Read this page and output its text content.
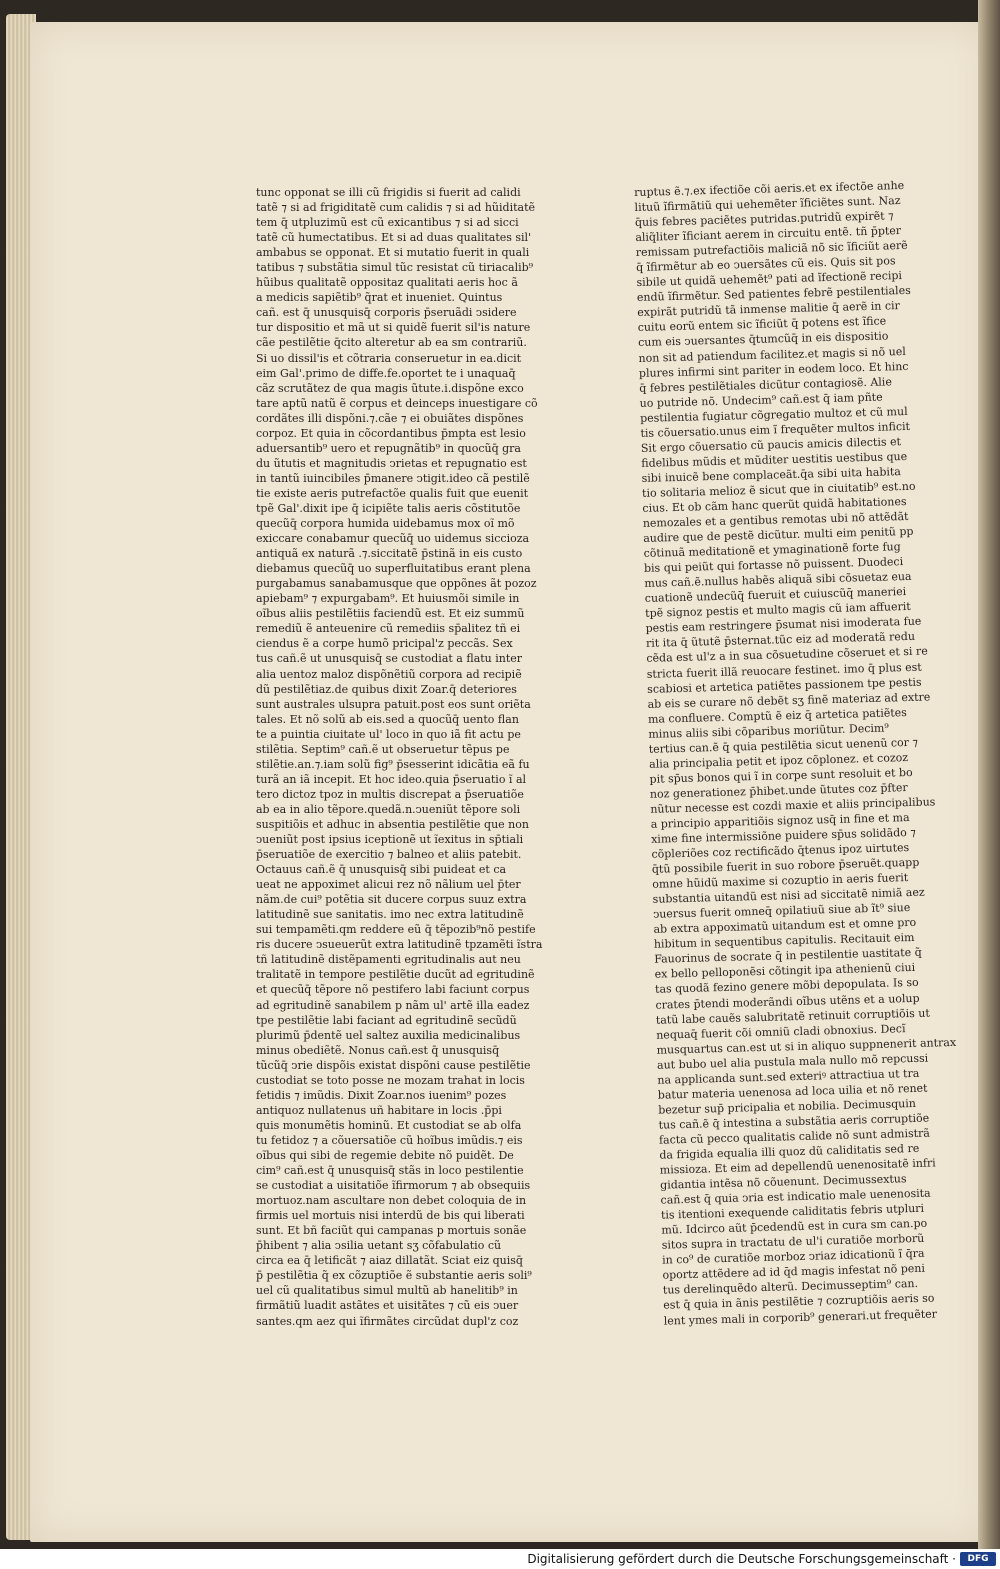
tunc opponat se illi cũ frigidis si fuerit ad calidi
tatẽ ⁊ si ad frigiditatẽ cum calidis ⁊ si ad hũiditatẽ
tem q̄ utpluzimũ est cũ exicantibus ⁊ si ad sicci
tatẽ cũ humectatibus. Et si ad duas qualitates sil'
ambabus se opponat. Et si mutatio fuerit in quali
tatibus ⁊ substãtia simul tũc resistat cũ tiriacalib⁹
hũibus qualitatẽ oppositaz qualitati aeris hoc ã
a medicis sapiẽtib⁹ q̃rat et inueniet. Quintus
cañ. est q̄ unusquisq̄ corporis p̄seruãdi ↄsidere
tur dispositio et mã ut si quidẽ fuerit sil'is nature
cãe pestilẽtie q̄cito alteretur ab ea sm contrariũ.
Si uo dissil'is et cõtraria conseruetur in ea.dicit
eim Gal'.primo de diffe.fe.oportet te i unaquaq̄
cãz scrutãtez de qua magis ũtute.i.dispõne exco
tare aptũ natũ ẽ corpus et deinceps inuestigare cõ
cordãtes illi dispõni.⁊.cãe ⁊ ei obuiãtes dispõnes
corpoz. Et quia in cõcordantibus p̄mpta est lesio
aduersantib⁹ uero et repugnãtib⁹ in quocũq̄ gra
du ũtutis et magnitudis ↄrietas et repugnatio est
in tantũ iuincibiles p̄manere ↄtigit.ideo cã pestilẽ
tie existe aeris putrefactõe qualis fuit que euenit
tpẽ Gal'.dixit ipe q̄ icipiẽte talis aeris cõstitutõe
quecũq̄ corpora humida uidebamus mox oĩ mõ
exiccare conabamur quecũq̄ uo uidemus siccioza
antiquã ex naturã .⁊.siccitatẽ p̄stinã in eis custo
diebamus quecũq̄ uo superfluitatibus erant plena
purgabamus sanabamusque que oppõnes ãt pozoz
apiebam⁹ ⁊ expurgabam⁹. Et huiusmõi simile in
oĩbus aliis pestilẽtiis faciendũ est. Et eiz summũ
remediũ ẽ anteuenire cũ remediis sp̄alitez tñ ei
ciendus ẽ a corpe humõ pricipal'z peccãs. Sex
tus cañ.ẽ ut unusquisq̄ se custodiat a flatu inter
alia uentoz maloz dispõnẽtiũ corpora ad recipiẽ
dũ pestilẽtiaz.de quibus dixit Zoar.q̄ deteriores
sunt australes ulsupra patuit.post eos sunt oriẽta
tales. Et nõ solũ ab eis.sed a quocũq̄ uento flan
te a puintia ciuitate ul' loco in quo iã fit actu pe
stilẽtia. Septim⁹ cañ.ẽ ut obseruetur tẽpus pe
stilẽtie.an.⁊.iam solũ fig⁹ p̄sesserint idicãtia eã fu
turã an iã incepit. Et hoc ideo.quia p̄seruatio ĩ al
tero dictoz tpoz in multis discrepat a p̄seruatiõe
ab ea in alio tẽpore.quedã.n.ↄueniũt tẽpore soli
suspitiõis et adhuc in absentia pestilẽtie que non
ↄueniũt post ipsius iceptionẽ ut ĩexitus in sp̄tiali
p̄seruatiõe de exercitio ⁊ balneo et aliis patebit.
Octauus cañ.ẽ q̄ unusquisq̄ sibi puideat et ca
ueat ne appoximet alicui rez nõ nãlium uel p̄ter
nãm.de cui⁹ potẽtia sit ducere corpus suuz extra
latitudinẽ sue sanitatis. imo nec extra latitudinẽ
sui tempamẽti.qm reddere eũ q̄ tẽpozib⁹nõ pestife
ris ducere ↄsueuerũt extra latitudinẽ tpzamẽti ĩstra
tñ latitudinẽ distẽpamenti egritudinalis aut neu
tralitatẽ in tempore pestilẽtie ducũt ad egritudinẽ
et quecũq̄ tẽpore nõ pestifero labi faciunt corpus
ad egritudinẽ sanabilem p nãm ul' artẽ illa eadez
tpe pestilẽtie labi faciant ad egritudinẽ secũdũ
plurimũ p̄dentẽ uel saltez auxilia medicinalibus
minus obediẽtẽ. Nonus cañ.est q̄ unusquisq̄
tũcũq̄ ↄrie dispõis existat dispõni cause pestilẽtie
custodiat se toto posse ne mozam trahat in locis
fetidis ⁊ imũdis. Dixit Zoar.nos iuenim⁹ pozes
antiquoz nullatenus uñ habitare in locis .p̄pi
quis monumẽtis hominũ. Et custodiat se ab olfa
tu fetidoz ⁊ a cõuersatiõe cũ hoĩbus imũdis.⁊ eis
oĩbus qui sibi de regemie debite nõ puidẽt. De
cim⁹ cañ.est q̄ unusquisq̄ stãs in loco pestilentie
se custodiat a uisitatiõe ĩfirmorum ⁊ ab obsequiis
mortuoz.nam ascultare non debet coloquia de in
firmis uel mortuis nisi interdũ de bis qui liberati
sunt. Et bñ faciũt qui campanas p mortuis sonãe
p̄hibent ⁊ alia ↄsilia uetant sʒ cõfabulatio cũ
circa ea q̄ letificãt ⁊ aiaz dillatãt. Sciat eiz quisq̄
p̄ pestilẽtia q̃ ex cõzuptiõe ẽ substantie aeris soli⁹
uel cũ qualitatibus simul multũ ab hanelitib⁹ in
firmãtiũ luadit astãtes et uisitãtes ⁊ cũ eis ↄuer
santes.qm aez qui ĩfirmãtes circũdat dupl'z coz
ruptus ẽ.⁊.ex ifectiõe cõi aeris.et ex ifectõe anhe
lituũ ĩfirmãtiũ qui uehemẽter ĩficiẽtes sunt. Naz
q̄uis febres paciẽtes putridas.putridũ expirẽt ⁊
aliq̃liter ĩficiant aerem in circuitu entẽ. tñ p̄pter
remissam putrefactiõis maliciã nõ sic ĩficiũt aerẽ
q̄ ĩfirmẽtur ab eo ↄuersãtes cũ eis. Quis sit pos
sibile ut quidã uehemẽt⁹ pati ad ĩfectionẽ recipi
endũ ĩfirmẽtur. Sed patientes febrẽ pestilentiales
expirãt putridũ tã inmense malitie q̄ aerẽ in cir
cuitu eorũ entem sic ĩficiũt q̄ potens est ĩfice
cum eis ↄuersantes q̄tumcũq̄ in eis dispositio
non sit ad patiendum facilitez.et magis si nõ uel
plures infirmi sint pariter in eodem loco. Et hinc
q̄ febres pestilẽtiales dicũtur contagiosẽ. Alie
uo putride nõ. Undecim⁹ cañ.est q̄ iam pñte
pestilentia fugiatur cõgregatio multoz et cũ mul
tis cõuersatio.unus eim ĩ frequẽter multos inficit
Sit ergo cõuersatio cũ paucis amicis dilectis et
fidelibus mũdis et mũditer uestitis uestibus que
sibi inuicẽ bene complaceãt.q̄a sibi uita habita
tio solitaria melioz ẽ sicut que in ciuitatib⁹ est.no
cius. Et ob cãm hanc querũt quidã habitationes
nemozales et a gentibus remotas ubi nõ attẽdãt
audire que de pestẽ dicũtur. multi eim penitũ pp
cõtinuã meditationẽ et ymaginationẽ forte fug
bis qui peiũt qui fortasse nõ puissent. Duodeci
mus cañ.ẽ.nullus habẽs aliquã sibi cõsuetaz eua
cuationẽ undecũq̄ fueruit et cuiuscũq̄ maneriei
tpẽ signoz pestis et multo magis cũ iam affuerit
pestis eam restringere p̄sumat nisi imoderata fue
rit ita q̄ ũtutẽ p̄sternat.tũc eiz ad moderatã redu
cẽda est ul'z a in sua cõsuetudine cõseruet et si re
stricta fuerit illã reuocare festinet. imo q̄ plus est
scabiosi et artetica patiẽtes passionem tpe pestis
ab eis se curare nõ debẽt sʒ finẽ materiaz ad extre
ma confluere. Comptũ ẽ eiz q̄ artetica patiẽtes
minus aliis sibi cõparibus moriũtur. Decim⁹
tertius can.ẽ q̄ quia pestilẽtia sicut uenenũ cor ⁊
alia principalia petit et ipoz cõplonez. et cozoz
pit sp̄us bonos qui ĩ in corpe sunt resoluit et bo
noz generationez p̄hibet.unde ũtutes coz p̄fter
nũtur necesse est cozdi maxie et aliis principalibus
a principio apparitiõis signoz usq̄ in fine et ma
xime fine intermissiõne puidere sp̄us solidãdo ⁊
cõpleriões coz rectificãdo q̄tenus ipoz uirtutes
q̄tũ possibile fuerit in suo robore p̄seruẽt.quapp
omne hũidũ maxime si cozuptio in aeris fuerit
substantia uitandũ est nisi ad siccitatẽ nimiã aez
ↄuersus fuerit omneq̄ opilatiuũ siue ab ĩt⁹ siue
ab extra appoximatũ uitandum est et omne pro
hibitum in sequentibus capitulis. Recitauit eim
Fauorinus de socrate q̄ in pestilentie uastitate q̃
ex bello pelloponẽsi cõtingit ipa athenienũ ciui
tas quodã fezino genere mõbi depopulata. Is so
crates p̄tendi moderãndi oĩbus utẽns et a uolup
tatũ labe cauẽs salubritatẽ retinuit corruptiõis ut
nequaq̄ fuerit cõi omniũ cladi obnoxius. Decĩ
musquartus can.est ut si in aliquo suppnenerit antrax
aut bubo uel alia pustula mala nullo mõ repcussi
na applicanda sunt.sed exteriꝰ attractiua ut tra
batur materia uenenosa ad loca uilia et nõ renet
bezetur sup̄ pricipalia et nobilia. Decimusquin
tus cañ.ẽ q̄ intestina a substãtia aeris corruptiõe
facta cũ pecco qualitatis calide nõ sunt admistrã
da frigida equalia illi quoz dũ caliditatis sed re
missioza. Et eim ad depellendũ uenenositatẽ infri
gidantia intẽsa nõ cõuenunt. Decimussextus
cañ.est q̄ quia ↄria est indicatio male uenenosita
tis itentioni exequende caliditatis febris utpluri
mũ. Idcirco aũt p̄cedendũ est in cura sm can.po
sitos supra in tractatu de ul'i curatiõe morborũ
in co⁹ de curatiõe morboz ↄriaz idicationũ ĩ q̄ra
oportz attẽdere ad id q̄d magis infestat nõ peni
tus derelinquẽdo alterũ. Decimusseptim⁹ can.
est q̄ quia in ãnis pestilẽtie ⁊ cozruptiõis aeris so
lent ymes mali in corporib⁹ generari.ut frequẽter
Digitalisierung gefördert durch die Deutsche Forschungsgemeinschaft ·	DFG
